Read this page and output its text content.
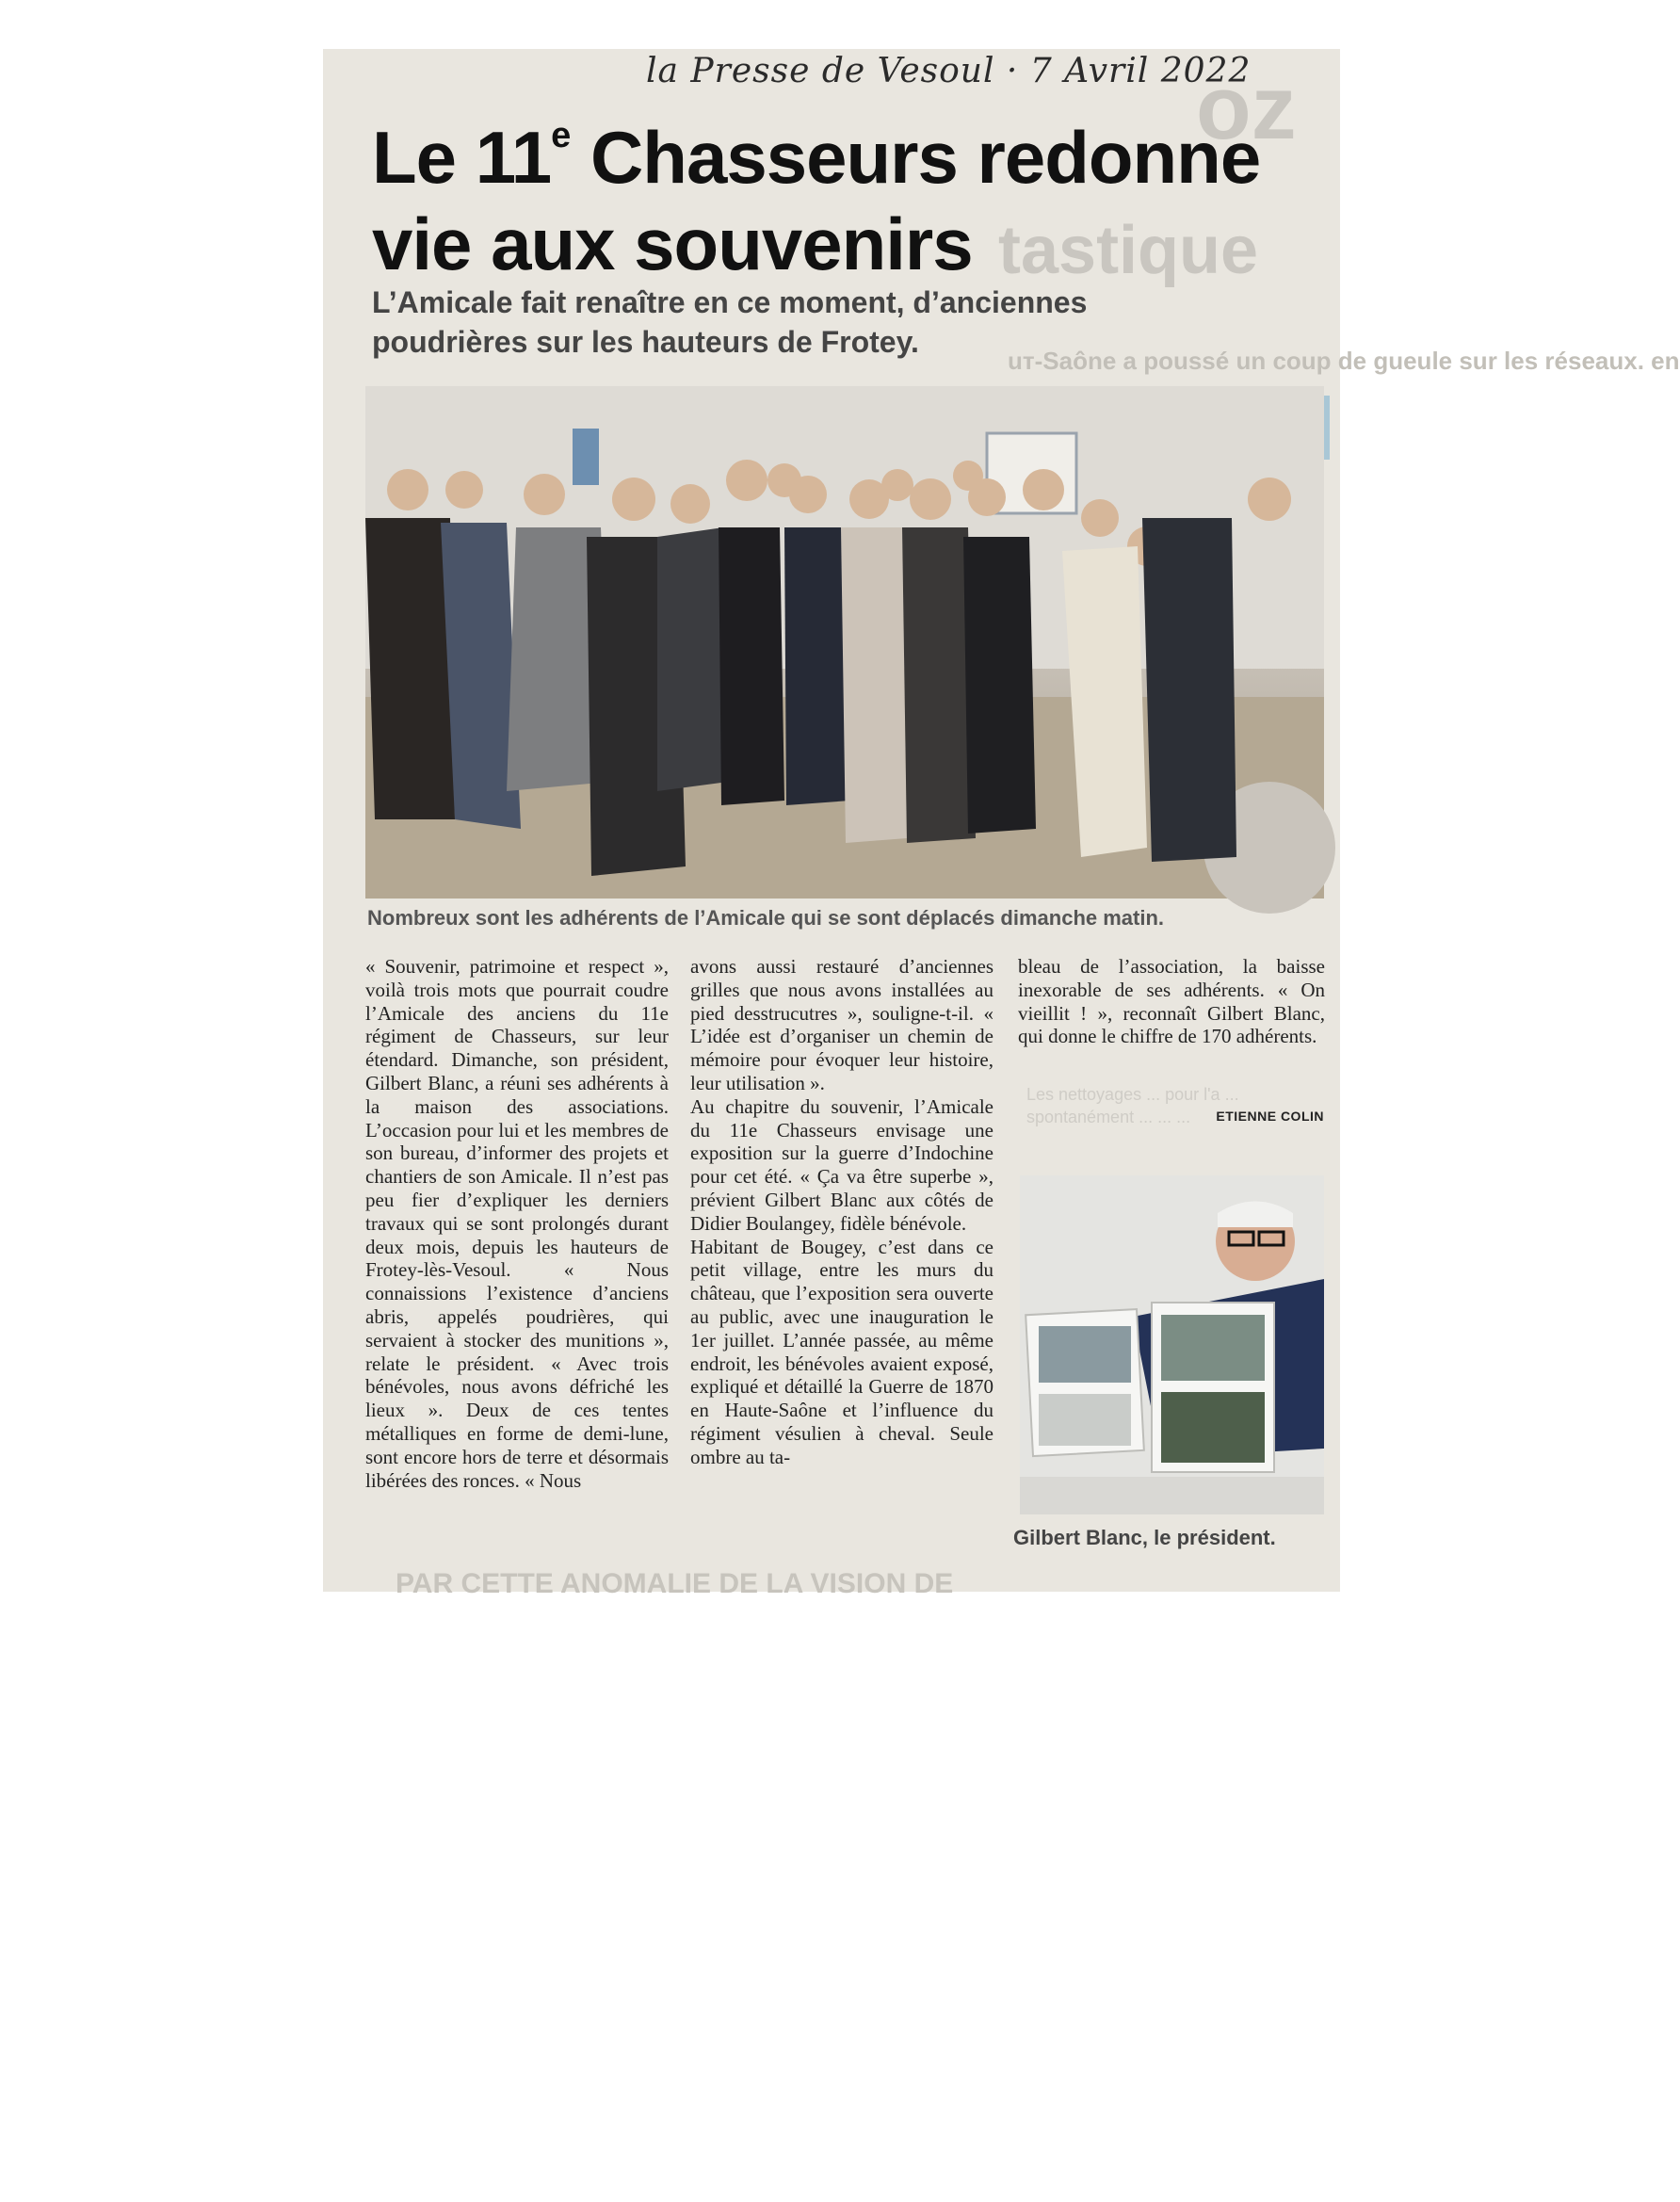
oz
tastique
uт-Saône a poussé un coup de gueule sur les réseaux. en
Les nettoyages ... pour l'a ... spontanément ... ... ...
PAR CETTE ANOMALIE DE LA VISION DE
la Presse de Vesoul · 7 Avril 2022
Le 11e Chasseurs redonne
vie aux souvenirs
L’Amicale fait renaître en ce moment, d’anciennes poudrières sur les hauteurs de Frotey.
Nombreux sont les adhérents de l’Amicale qui se sont déplacés dimanche matin.

« Souvenir, patrimoine et respect », voilà trois mots que pourrait coudre l’Amicale des anciens du 11e régiment de Chasseurs, sur leur étendard. Dimanche, son président, Gilbert Blanc, a réuni ses adhérents à la maison des associations. L’occasion pour lui et les membres de son bureau, d’informer des projets et chantiers de son Amicale. Il n’est pas peu fier d’expliquer les derniers travaux qui se sont prolongés durant deux mois, depuis les hauteurs de Frotey-lès-Vesoul. « Nous connaissions l’existence d’anciens abris, appelés poudrières, qui servaient à stocker des munitions », relate le président. « Avec trois bénévoles, nous avons défriché les lieux ». Deux de ces tentes métalliques en forme de demi-lune, sont encore hors de terre et désormais libérées des ronces. « Nous

avons aussi restauré d’anciennes grilles que nous avons installées au pied desstrucutres », souligne-t-il. « L’idée est d’organiser un chemin de mémoire pour évoquer leur histoire, leur utilisation ».

Au chapitre du souvenir, l’Amicale du 11e Chasseurs envisage une exposition sur la guerre d’Indochine pour cet été. « Ça va être superbe », prévient Gilbert Blanc aux côtés de Didier Boulangey, fidèle bénévole.

Habitant de Bougey, c’est dans ce petit village, entre les murs du château, que l’exposition sera ouverte au public, avec une inauguration le 1er juillet. L’année passée, au même endroit, les bénévoles avaient exposé, expliqué et détaillé la Guerre de 1870 en Haute-Saône et l’influence du régiment vésulien à cheval. Seule ombre au ta-

bleau de l’association, la baisse inexorable de ses adhérents. « On vieillit ! », reconnaît Gilbert Blanc, qui donne le chiffre de 170 adhérents.

ETIENNE COLIN
Gilbert Blanc, le président.
